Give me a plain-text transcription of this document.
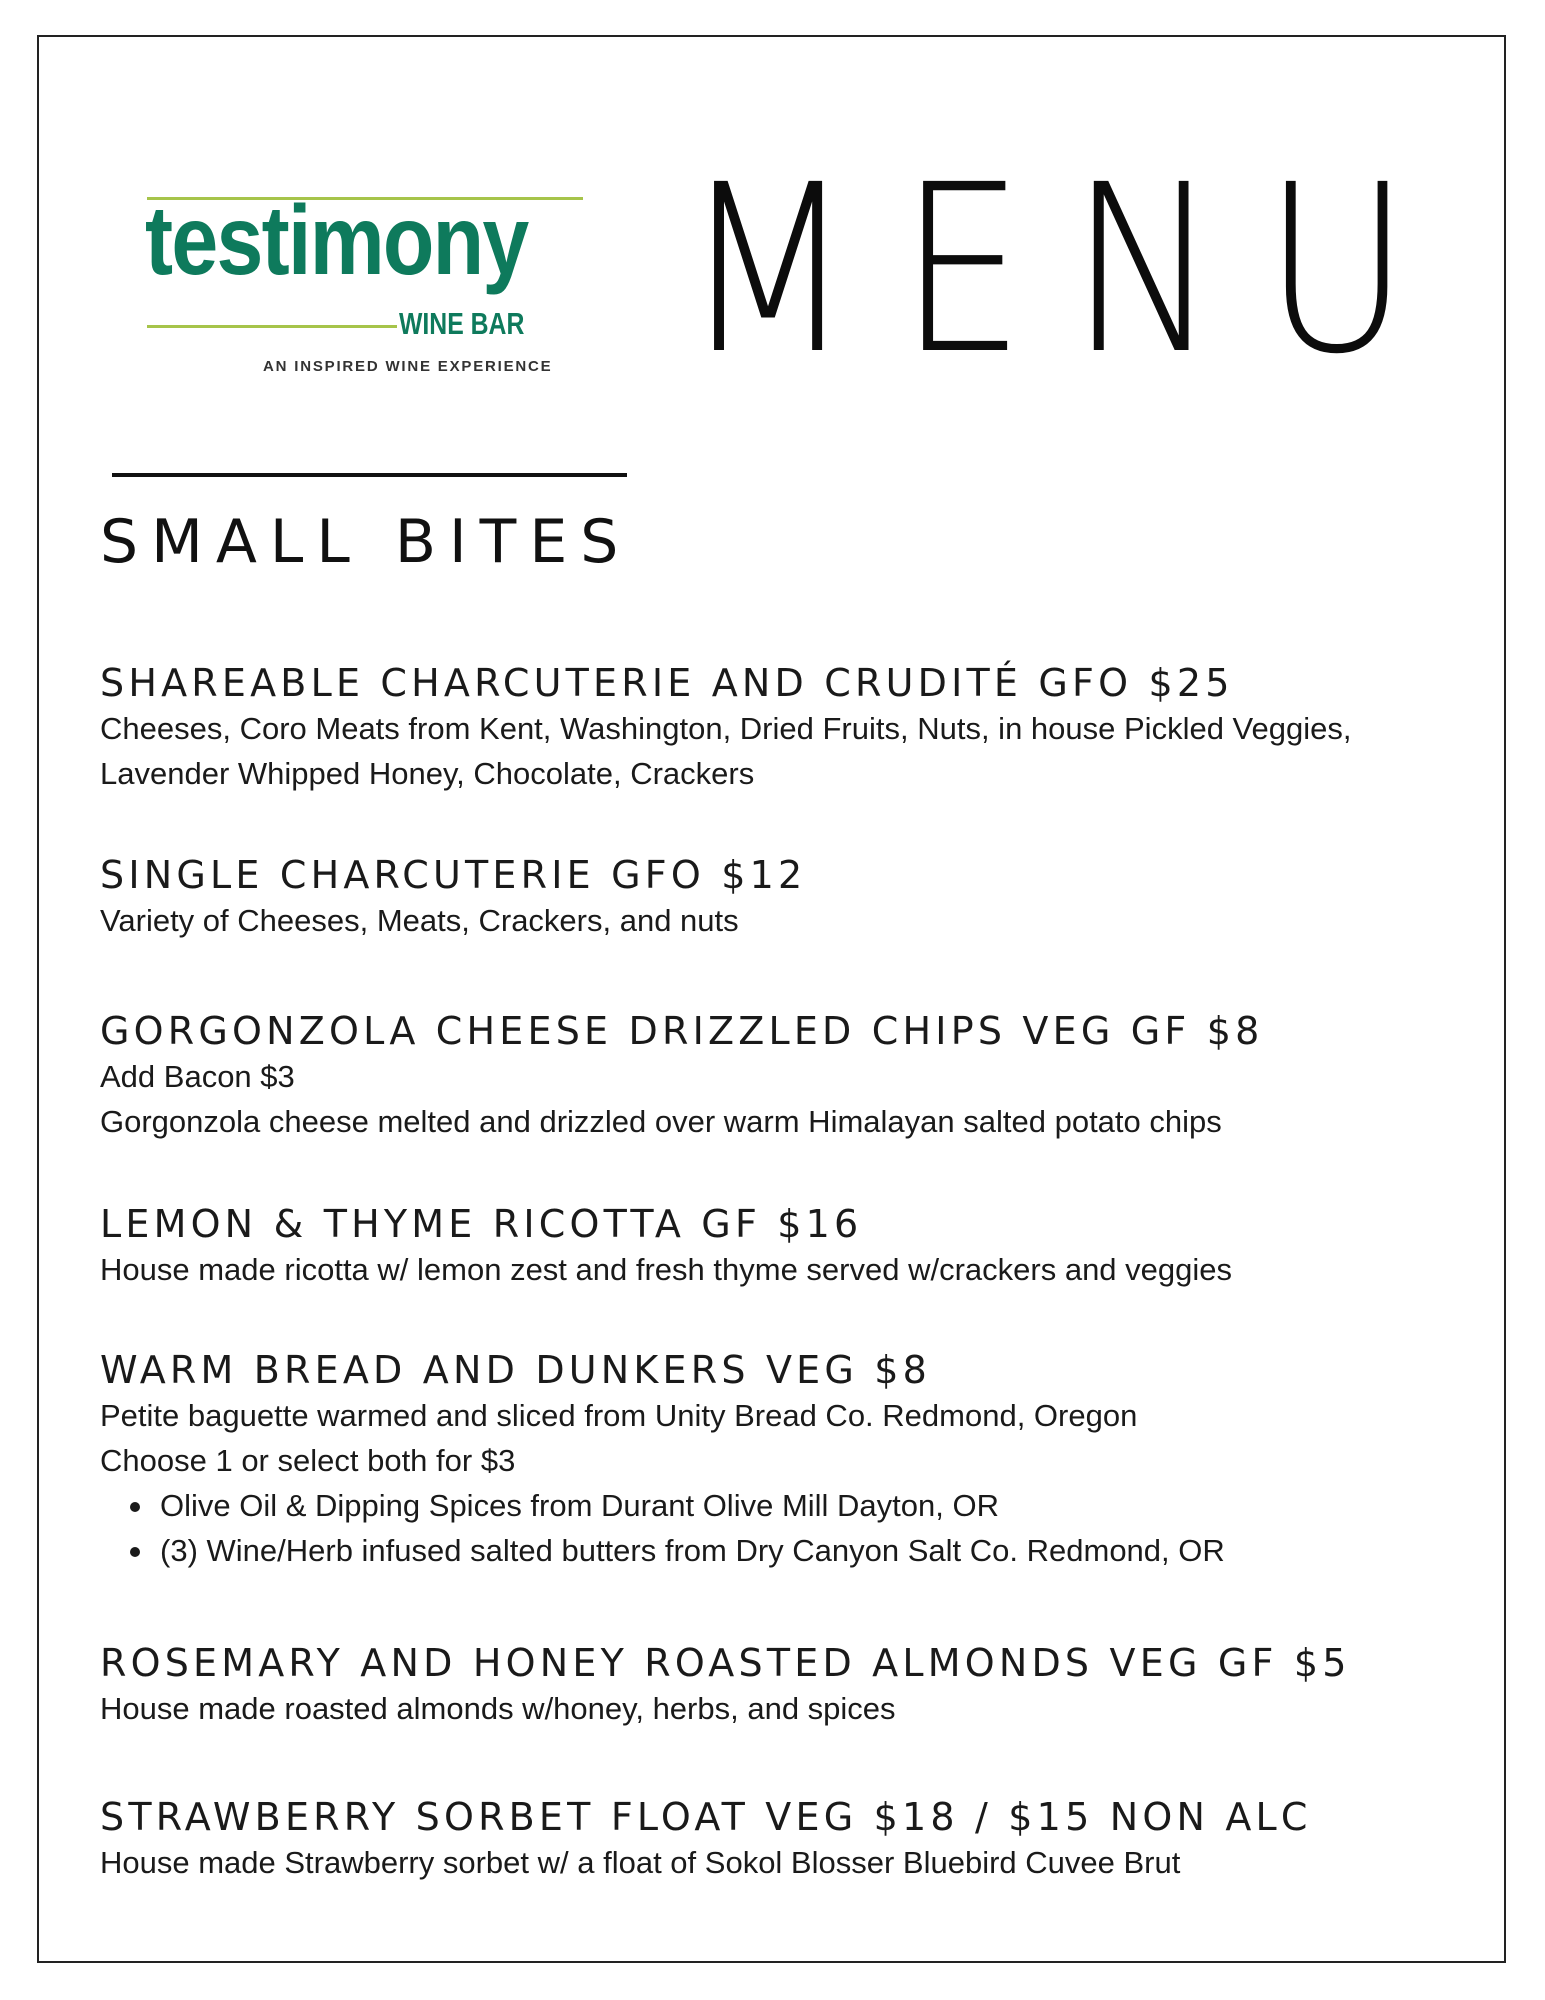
testimony
WINE BAR
AN INSPIRED WINE EXPERIENCE MENU
SMALL BITES
SHAREABLE CHARCUTERIE AND CRUDITÉ GFO $25
Cheeses, Coro Meats from Kent, Washington, Dried Fruits, Nuts, in house Pickled Veggies,
Lavender Whipped Honey, Chocolate, Crackers
SINGLE CHARCUTERIE GFO $12
Variety of Cheeses, Meats, Crackers, and nuts
GORGONZOLA CHEESE DRIZZLED CHIPS VEG GF $8
Add Bacon $3
Gorgonzola cheese melted and drizzled over warm Himalayan salted potato chips
LEMON & THYME RICOTTA GF $16
House made ricotta w/ lemon zest and fresh thyme served w/crackers and veggies
WARM BREAD AND DUNKERS VEG $8
Petite baguette warmed and sliced from Unity Bread Co. Redmond, Oregon
Choose 1 or select both for $3
Olive Oil & Dipping Spices from Durant Olive Mill Dayton, OR
(3) Wine/Herb infused salted butters from Dry Canyon Salt Co. Redmond, OR
ROSEMARY AND HONEY ROASTED ALMONDS VEG GF $5
House made roasted almonds w/honey, herbs, and spices
STRAWBERRY SORBET FLOAT VEG $18 / $15 NON ALC
House made Strawberry sorbet w/ a float of Sokol Blosser Bluebird Cuvee Brut
